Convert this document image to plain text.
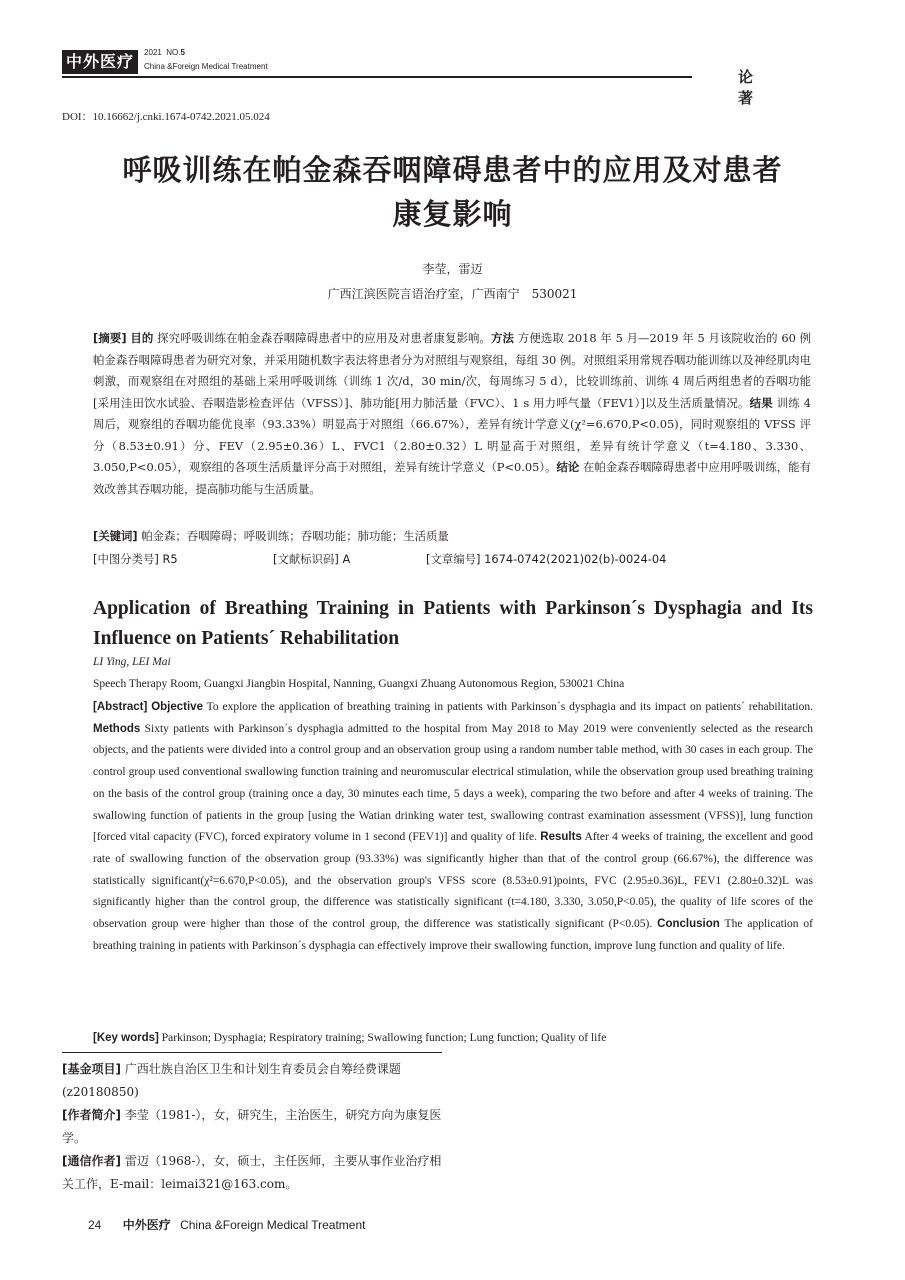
中外医疗	2021 NO.5
China &Foreign Medical Treatment
论著
DOI：10.16662/j.cnki.1674-0742.2021.05.024
呼吸训练在帕金森吞咽障碍患者中的应用及对患者
康复影响
李莹，雷迈
广西江滨医院言语治疗室，广西南宁　530021
[摘要] 目的 探究呼吸训练在帕金森吞咽障碍患者中的应用及对患者康复影响。方法 方便选取 2018 年 5 月—2019 年 5 月该院收治的 60 例帕金森吞咽障碍患者为研究对象，并采用随机数字表法将患者分为对照组与观察组，每组 30 例。对照组采用常规吞咽功能训练以及神经肌肉电刺激，而观察组在对照组的基础上采用呼吸训练（训练 1 次/d，30 min/次，每周练习 5 d），比较训练前、训练 4 周后两组患者的吞咽功能[采用洼田饮水试验、吞咽造影检查评估（VFSS）]、肺功能[用力肺活量（FVC）、1 s 用力呼气量（FEV1）]以及生活质量情况。结果 训练 4 周后，观察组的吞咽功能优良率（93.33%）明显高于对照组（66.67%），差异有统计学意义(χ²=6.670,P<0.05)，同时观察组的 VFSS 评分（8.53±0.91）分、FEV（2.95±0.36）L、FVC1（2.80±0.32）L 明显高于对照组，差异有统计学意义（t=4.180、3.330、3.050,P<0.05），观察组的各项生活质量评分高于对照组，差异有统计学意义（P<0.05）。结论 在帕金森吞咽障碍患者中应用呼吸训练，能有效改善其吞咽功能，提高肺功能与生活质量。
[关键词] 帕金森；吞咽障碍；呼吸训练；吞咽功能；肺功能；生活质量
[中图分类号] R5	[文献标识码] A	[文章编号] 1674-0742(2021)02(b)-0024-04
Application of Breathing Training in Patients with Parkinson´s Dysphagia and Its Influence on Patients´ Rehabilitation
LI Ying, LEI Mai
Speech Therapy Room, Guangxi Jiangbin Hospital, Nanning, Guangxi Zhuang Autonomous Region, 530021 China
[Abstract] Objective To explore the application of breathing training in patients with Parkinson´s dysphagia and its impact on patients´ rehabilitation. Methods Sixty patients with Parkinson´s dysphagia admitted to the hospital from May 2018 to May 2019 were conveniently selected as the research objects, and the patients were divided into a control group and an observation group using a random number table method, with 30 cases in each group. The control group used conventional swallowing function training and neuromuscular electrical stimulation, while the observation group used breathing training on the basis of the control group (training once a day, 30 minutes each time, 5 days a week), comparing the two before and after 4 weeks of training. The swallowing function of patients in the group [using the Watian drinking water test, swallowing contrast examination assessment (VFSS)], lung function [forced vital capacity (FVC), forced expiratory volume in 1 second (FEV1)] and quality of life. Results After 4 weeks of training, the excellent and good rate of swallowing function of the observation group (93.33%) was significantly higher than that of the control group (66.67%), the difference was statistically significant(χ²=6.670,P<0.05), and the observation group's VFSS score (8.53±0.91)points, FVC (2.95±0.36)L, FEV1 (2.80±0.32)L was significantly higher than the control group, the difference was statistically significant (t=4.180, 3.330, 3.050,P<0.05), the quality of life scores of the observation group were higher than those of the control group, the difference was statistically significant (P<0.05). Conclusion The application of breathing training in patients with Parkinson´s dysphagia can effectively improve their swallowing function, improve lung function and quality of life.
[Key words] Parkinson; Dysphagia; Respiratory training; Swallowing function; Lung function; Quality of life
[基金项目] 广西壮族自治区卫生和计划生育委员会自筹经费课题(z20180850)
[作者简介] 李莹（1981-），女，研究生，主治医生，研究方向为康复医学。
[通信作者] 雷迈（1968-），女，硕士，主任医师，主要从事作业治疗相关工作，E-mail：leimai321@163.com。
24 中外医疗 China &Foreign Medical Treatment
